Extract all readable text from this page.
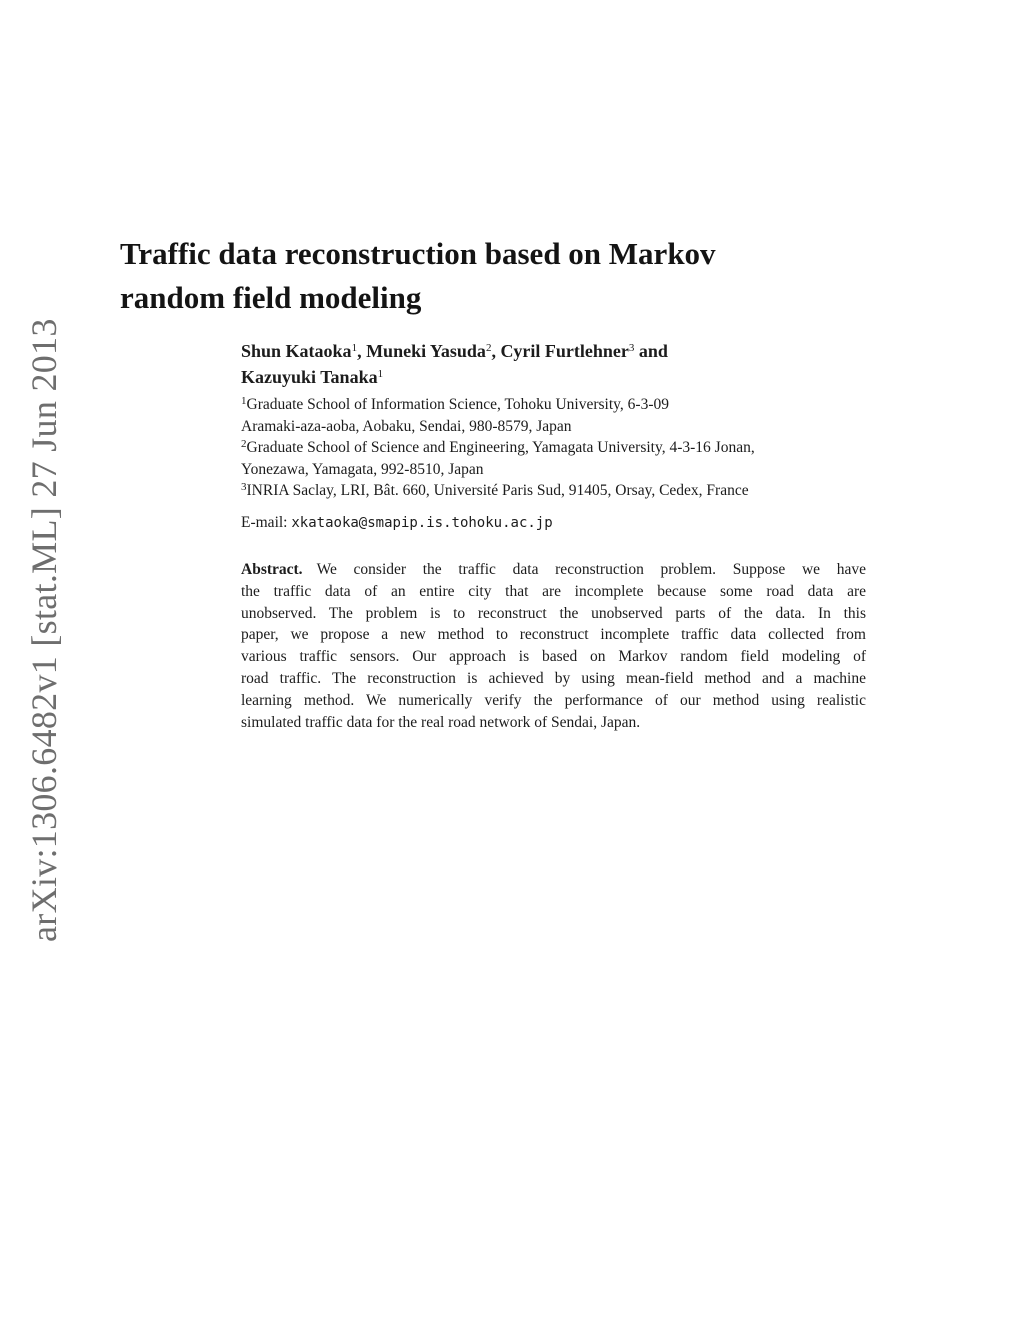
arXiv:1306.6482v1 [stat.ML] 27 Jun 2013
Traffic data reconstruction based on Markov
random field modeling
Shun Kataoka$^1$, Muneki Yasuda$^2$, Cyril Furtlehner$^3$ and
Kazuyuki Tanaka$^1$
$^1$Graduate School of Information Science, Tohoku University, 6-3-09
Aramaki-aza-aoba, Aobaku, Sendai, 980-8579, Japan
$^2$Graduate School of Science and Engineering, Yamagata University, 4-3-16 Jonan,
Yonezawa, Yamagata, 992-8510, Japan
$^3$INRIA Saclay, LRI, Bât. 660, Université Paris Sud, 91405, Orsay, Cedex, France
E-mail: xkataoka@smapip.is.tohoku.ac.jp
Abstract. We consider the traffic data reconstruction problem. Suppose we have
the traffic data of an entire city that are incomplete because some road data are
unobserved. The problem is to reconstruct the unobserved parts of the data. In this
paper, we propose a new method to reconstruct incomplete traffic data collected from
various traffic sensors. Our approach is based on Markov random field modeling of
road traffic. The reconstruction is achieved by using mean-field method and a machine
learning method. We numerically verify the performance of our method using realistic
simulated traffic data for the real road network of Sendai, Japan.
